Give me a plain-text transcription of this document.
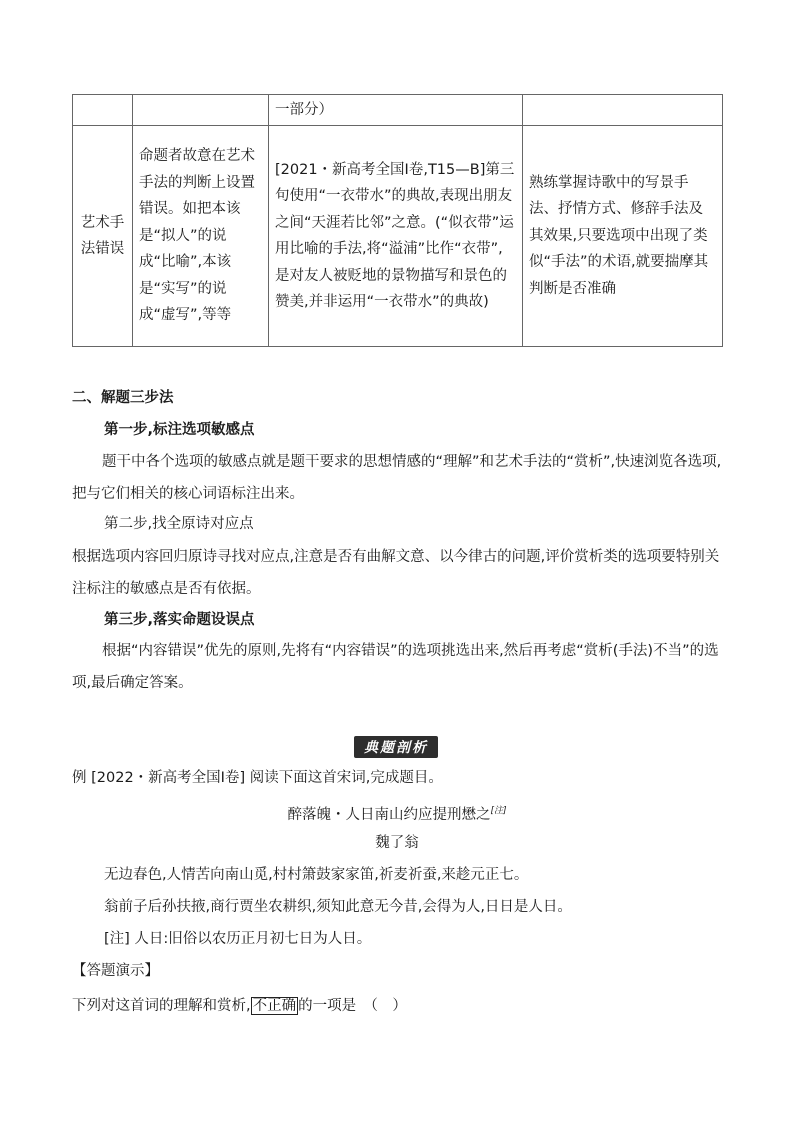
		一部分）	
艺术手法错误	命题者故意在艺术手法的判断上设置错误。如把本该是“拟人”的说成“比喻”,本该是“实写”的说成“虚写”,等等	[2021・新高考全国Ⅰ卷,T15—B]第三句使用“一衣带水”的典故,表现出朋友之间“天涯若比邻”之意。(“似衣带”运用比喻的手法,将“溢浦”比作“衣带”,是对友人被贬地的景物描写和景色的赞美,并非运用“一衣带水”的典故)	熟练掌握诗歌中的写景手法、抒情方式、修辞手法及其效果,只要选项中出现了类似“手法”的术语,就要揣摩其判断是否准确
二、解题三步法
第一步,标注选项敏感点
题干中各个选项的敏感点就是题干要求的思想情感的“理解”和艺术手法的“赏析”,快速浏览各选项,把与它们相关的核心词语标注出来。
第二步,找全原诗对应点
根据选项内容回归原诗寻找对应点,注意是否有曲解文意、以今律古的问题,评价赏析类的选项要特别关注标注的敏感点是否有依据。
第三步,落实命题设误点
根据“内容错误”优先的原则,先将有“内容错误”的选项挑选出来,然后再考虑“赏析(手法)不当”的选项,最后确定答案。
典题剖析
例 [2022・新高考全国Ⅰ卷] 阅读下面这首宋词,完成题目。
醉落魄・人日南山约应提刑懋之[注]
魏了翁
无边春色,人情苦向南山觅,村村箫鼓家家笛,祈麦祈蚕,来趁元正七。
翁前子后孙扶掖,商行贾坐农耕织,须知此意无今昔,会得为人,日日是人日。
[注] 人日:旧俗以农历正月初七日为人日。
【答题演示】
下列对这首词的理解和赏析, 不正确 的一项是　（　）
